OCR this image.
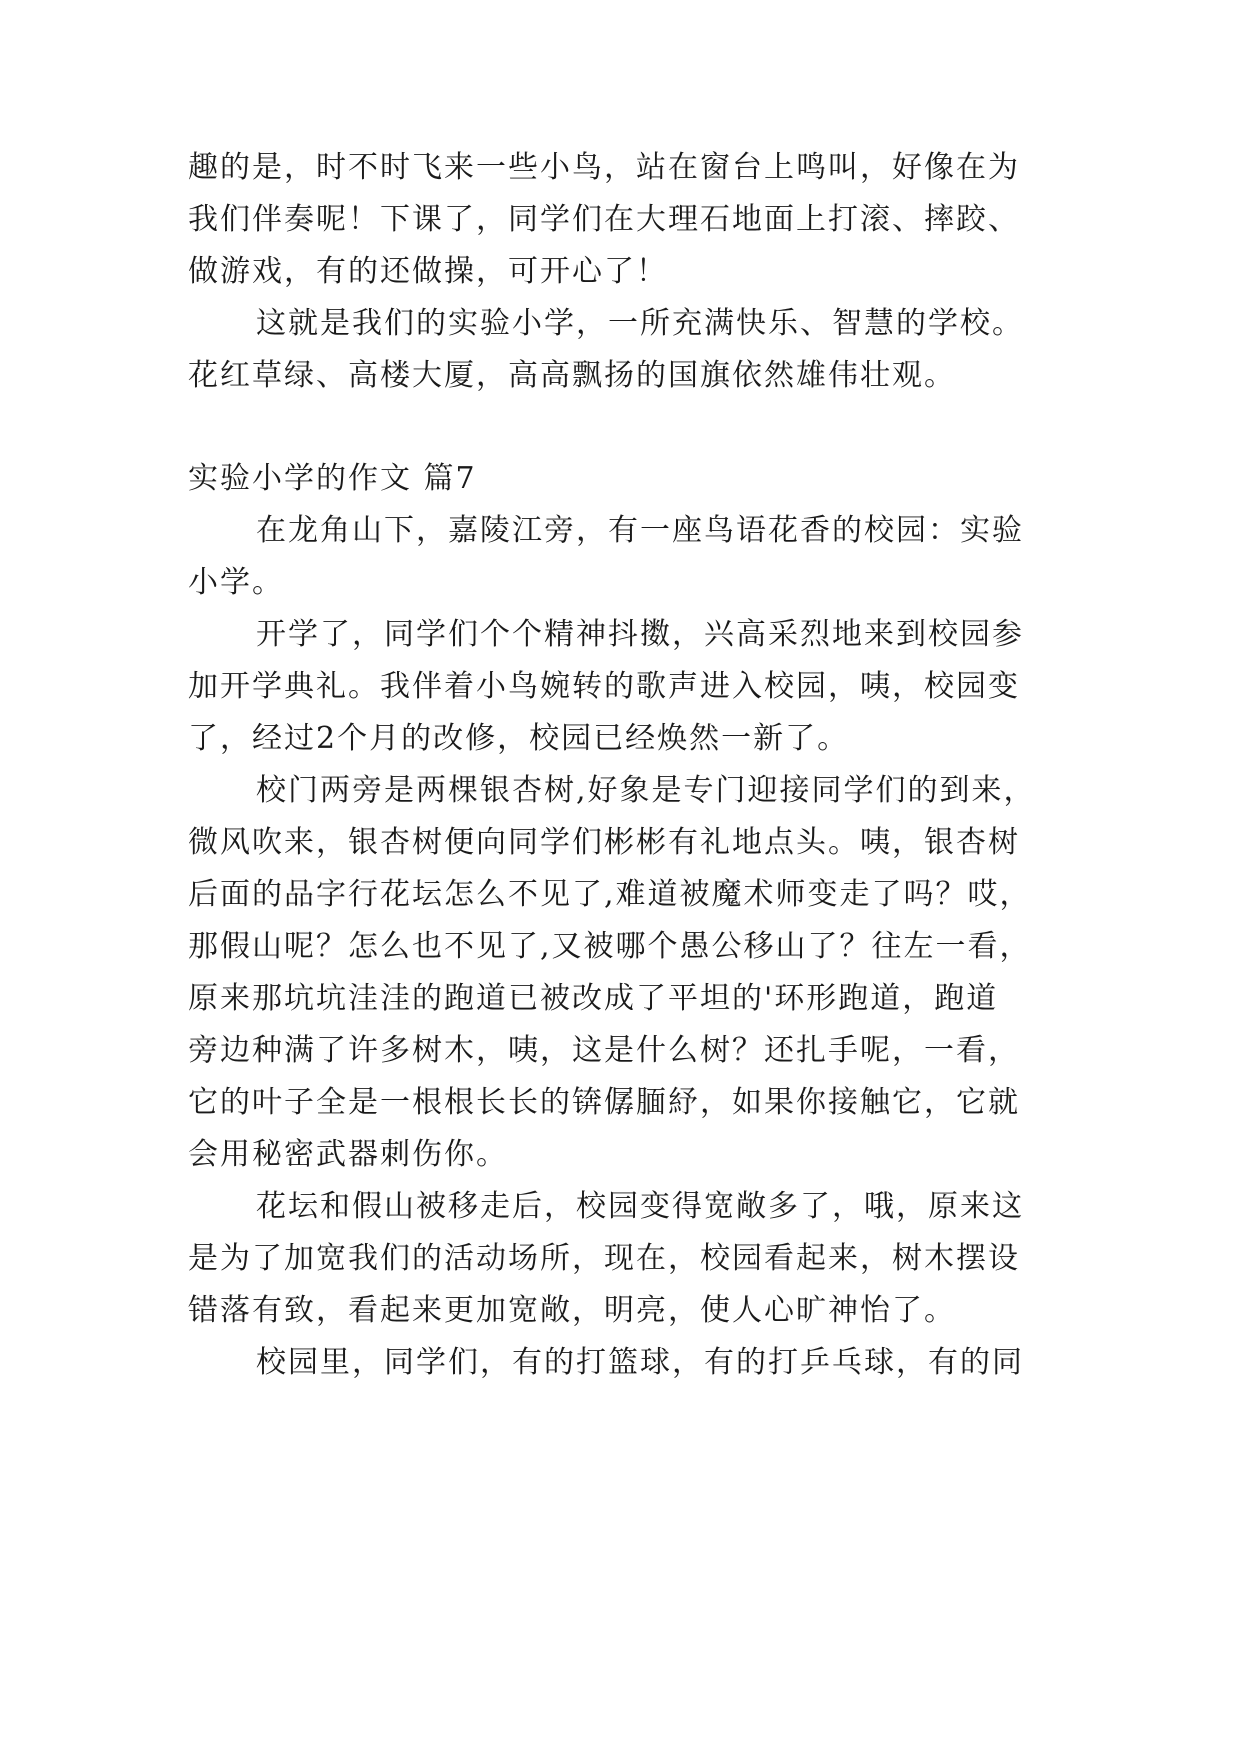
趣的是，时不时飞来一些小鸟，站在窗台上鸣叫，好像在为
我们伴奏呢！下课了，同学们在大理石地面上打滚、摔跤、
做游戏，有的还做操，可开心了！
这就是我们的实验小学，一所充满快乐、智慧的学校。
花红草绿、高楼大厦，高高飘扬的国旗依然雄伟壮观。
实验小学的作文 篇7
在龙角山下，嘉陵江旁，有一座鸟语花香的校园：实验
小学。
开学了，同学们个个精神抖擞，兴高采烈地来到校园参
加开学典礼。我伴着小鸟婉转的歌声进入校园，咦，校园变
了，经过2个月的改修，校园已经焕然一新了。
校门两旁是两棵银杏树,好象是专门迎接同学们的到来，
微风吹来，银杏树便向同学们彬彬有礼地点头。咦，银杏树
后面的品字行花坛怎么不见了,难道被魔术师变走了吗？哎，
那假山呢？怎么也不见了,又被哪个愚公移山了？往左一看，
原来那坑坑洼洼的跑道已被改成了平坦的'环形跑道，跑道
旁边种满了许多树木，咦，这是什么树？还扎手呢，一看，
它的叶子全是一根根长长的锛僝腼紓，如果你接触它，它就
会用秘密武器刺伤你。
花坛和假山被移走后，校园变得宽敞多了，哦，原来这
是为了加宽我们的活动场所，现在，校园看起来，树木摆设
错落有致，看起来更加宽敞，明亮，使人心旷神怡了。
校园里，同学们，有的打篮球，有的打乒乓球，有的同
